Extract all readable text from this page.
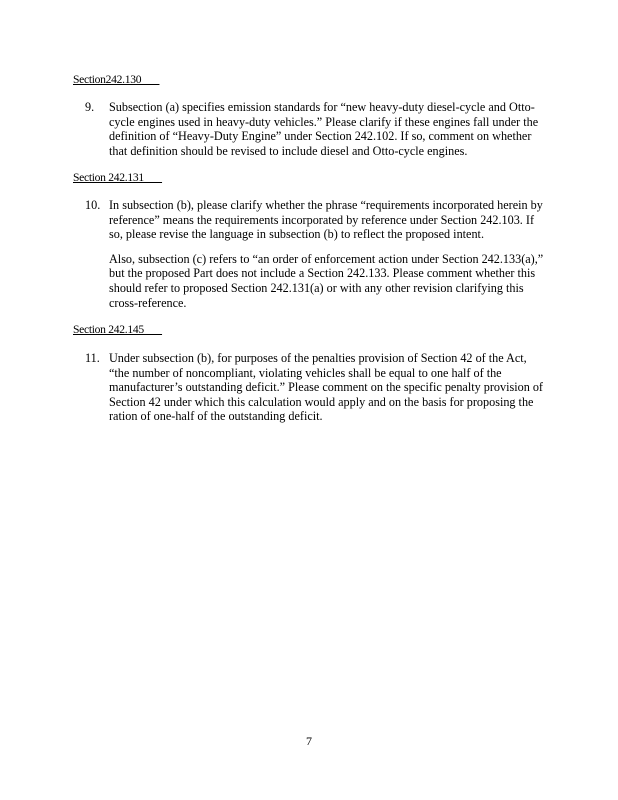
Section242.130
9.	Subsection (a) specifies emission standards for “new heavy-duty diesel-cycle and Otto-cycle engines used in heavy-duty vehicles.” Please clarify if these engines fall under the definition of “Heavy-Duty Engine” under Section 242.102. If so, comment on whether that definition should be revised to include diesel and Otto-cycle engines.

Section 242.131
10. In subsection (b), please clarify whether the phrase “requirements incorporated herein by reference” means the requirements incorporated by reference under Section 242.103. If so, please revise the language in subsection (b) to reflect the proposed intent.

Also, subsection (c) refers to “an order of enforcement action under Section 242.133(a),” but the proposed Part does not include a Section 242.133. Please comment whether this should refer to proposed Section 242.131(a) or with any other revision clarifying this cross-reference.

Section 242.145
11. Under subsection (b), for purposes of the penalties provision of Section 42 of the Act, “the number of noncompliant, violating vehicles shall be equal to one half of the manufacturer’s outstanding deficit.” Please comment on the specific penalty provision of Section 42 under which this calculation would apply and on the basis for proposing the ration of one-half of the outstanding deficit.

7
